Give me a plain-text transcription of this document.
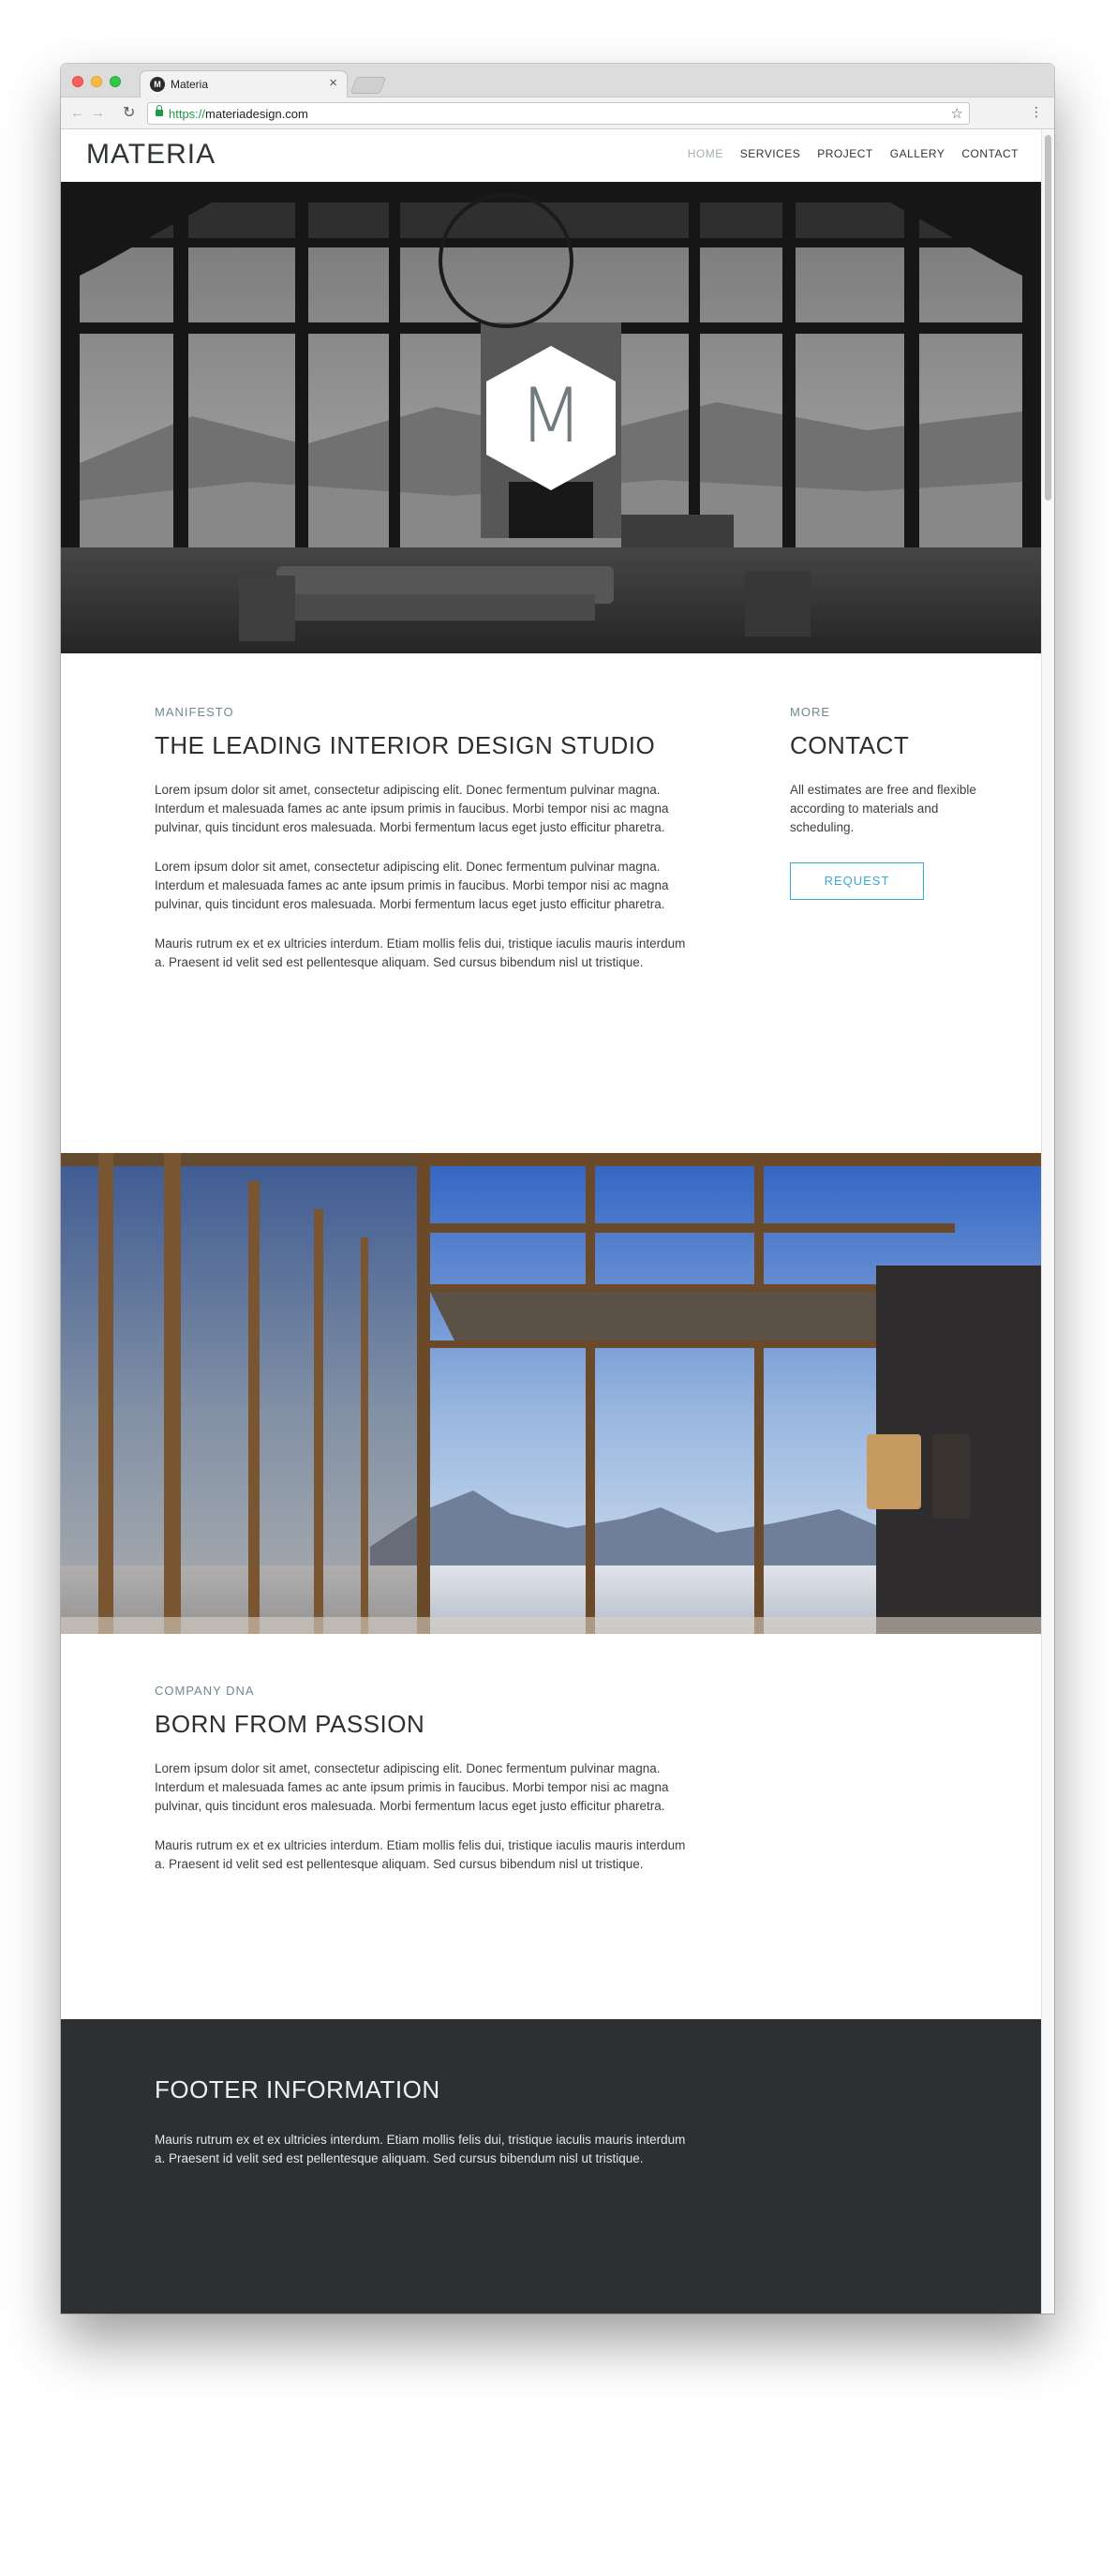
M Materia	×
← → ↻	https://materiadesign.com	☆	⋮
MATERIA	HOME SERVICES PROJECT GALLERY CONTACT
M
MANIFESTO
THE LEADING INTERIOR DESIGN STUDIO

Lorem ipsum dolor sit amet, consectetur adipiscing elit. Donec fermentum pulvinar magna. Interdum et malesuada fames ac ante ipsum primis in faucibus. Morbi tempor nisi ac magna pulvinar, quis tincidunt eros malesuada. Morbi fermentum lacus eget justo efficitur pharetra.

Lorem ipsum dolor sit amet, consectetur adipiscing elit. Donec fermentum pulvinar magna. Interdum et malesuada fames ac ante ipsum primis in faucibus. Morbi tempor nisi ac magna pulvinar, quis tincidunt eros malesuada. Morbi fermentum lacus eget justo efficitur pharetra.

Mauris rutrum ex et ex ultricies interdum. Etiam mollis felis dui, tristique iaculis mauris interdum a. Praesent id velit sed est pellentesque aliquam. Sed cursus bibendum nisl ut tristique.

MORE
CONTACT

All estimates are free and flexible according to materials and scheduling.

REQUEST
COMPANY DNA
BORN FROM PASSION

Lorem ipsum dolor sit amet, consectetur adipiscing elit. Donec fermentum pulvinar magna. Interdum et malesuada fames ac ante ipsum primis in faucibus. Morbi tempor nisi ac magna pulvinar, quis tincidunt eros malesuada. Morbi fermentum lacus eget justo efficitur pharetra.

Mauris rutrum ex et ex ultricies interdum. Etiam mollis felis dui, tristique iaculis mauris interdum a. Praesent id velit sed est pellentesque aliquam. Sed cursus bibendum nisl ut tristique.

FOOTER INFORMATION

Mauris rutrum ex et ex ultricies interdum. Etiam mollis felis dui, tristique iaculis mauris interdum a. Praesent id velit sed est pellentesque aliquam. Sed cursus bibendum nisl ut tristique.
